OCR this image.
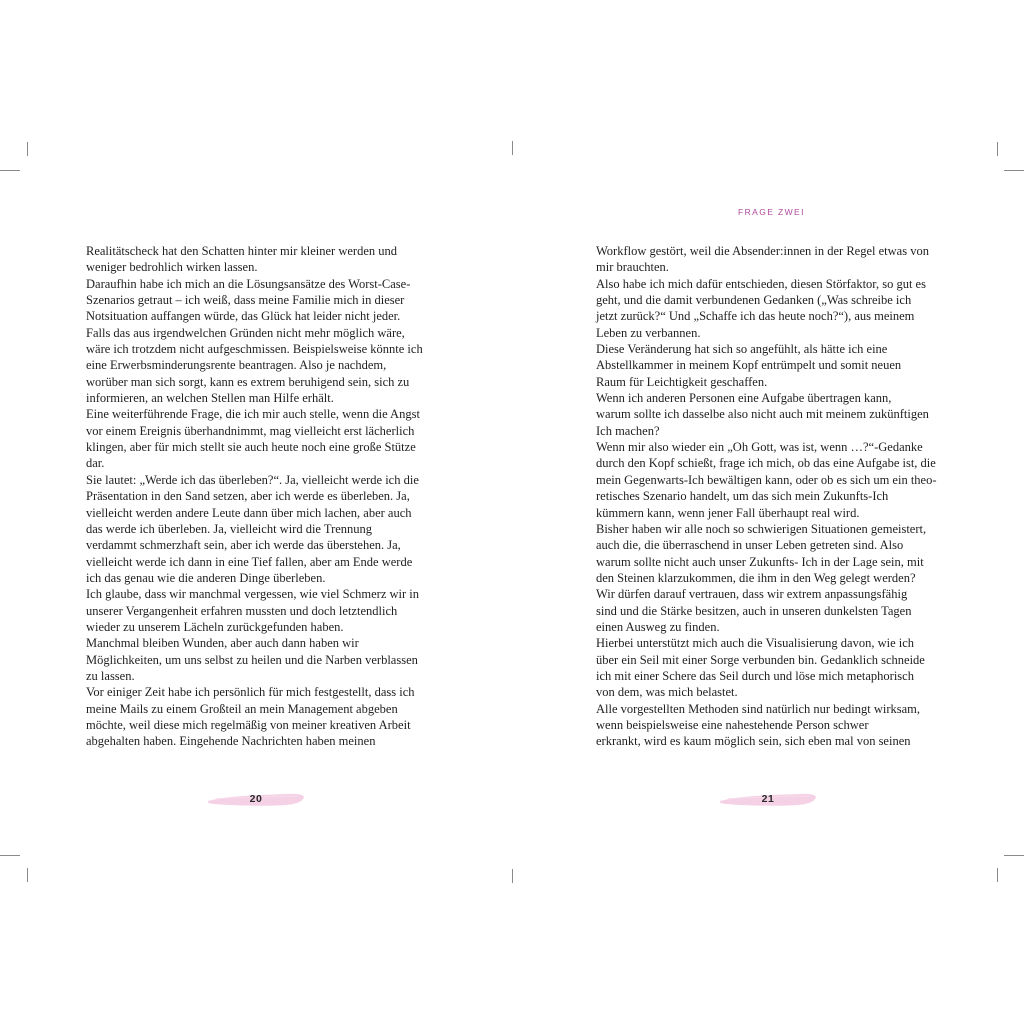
Realitätscheck hat den Schatten hinter mir kleiner werden und
weniger bedrohlich wirken lassen.
Daraufhin habe ich mich an die Lösungsansätze des Worst-Case-
Szenarios getraut – ich weiß, dass meine Familie mich in dieser
Notsituation auffangen würde, das Glück hat leider nicht jeder.
Falls das aus irgendwelchen Gründen nicht mehr möglich wäre,
wäre ich trotzdem nicht aufgeschmissen. Beispielsweise könnte ich
eine Erwerbsminderungsrente beantragen. Also je nachdem,
worüber man sich sorgt, kann es extrem beruhigend sein, sich zu
informieren, an welchen Stellen man Hilfe erhält.
Eine weiterführende Frage, die ich mir auch stelle, wenn die Angst
vor einem Ereignis überhandnimmt, mag vielleicht erst lächerlich
klingen, aber für mich stellt sie auch heute noch eine große Stütze
dar.
Sie lautet: „Werde ich das überleben?“. Ja, vielleicht werde ich die
Präsentation in den Sand setzen, aber ich werde es überleben. Ja,
vielleicht werden andere Leute dann über mich lachen, aber auch
das werde ich überleben. Ja, vielleicht wird die Trennung
verdammt schmerzhaft sein, aber ich werde das überstehen. Ja,
vielleicht werde ich dann in eine Tief fallen, aber am Ende werde
ich das genau wie die anderen Dinge überleben.
Ich glaube, dass wir manchmal vergessen, wie viel Schmerz wir in
unserer Vergangenheit erfahren mussten und doch letztendlich
wieder zu unserem Lächeln zurückgefunden haben.
Manchmal bleiben Wunden, aber auch dann haben wir
Möglichkeiten, um uns selbst zu heilen und die Narben verblassen
zu lassen.
Vor einiger Zeit habe ich persönlich für mich festgestellt, dass ich
meine Mails zu einem Großteil an mein Management abgeben
möchte, weil diese mich regelmäßig von meiner kreativen Arbeit
abgehalten haben. Eingehende Nachrichten haben meinen
20
FRAGE ZWEI
Workflow gestört, weil die Absender:innen in der Regel etwas von
mir brauchten.
Also habe ich mich dafür entschieden, diesen Störfaktor, so gut es
geht, und die damit verbundenen Gedanken („Was schreibe ich
jetzt zurück?“ Und „Schaffe ich das heute noch?“), aus meinem
Leben zu verbannen.
Diese Veränderung hat sich so angefühlt, als hätte ich eine
Abstellkammer in meinem Kopf entrümpelt und somit neuen
Raum für Leichtigkeit geschaffen.
Wenn ich anderen Personen eine Aufgabe übertragen kann,
warum sollte ich dasselbe also nicht auch mit meinem zukünftigen
Ich machen?
Wenn mir also wieder ein „Oh Gott, was ist, wenn …?“-Gedanke
durch den Kopf schießt, frage ich mich, ob das eine Aufgabe ist, die
mein Gegenwarts-Ich bewältigen kann, oder ob es sich um ein theo-
retisches Szenario handelt, um das sich mein Zukunfts-Ich
kümmern kann, wenn jener Fall überhaupt real wird.
Bisher haben wir alle noch so schwierigen Situationen gemeistert,
auch die, die überraschend in unser Leben getreten sind. Also
warum sollte nicht auch unser Zukunfts- Ich in der Lage sein, mit
den Steinen klarzukommen, die ihm in den Weg gelegt werden?
Wir dürfen darauf vertrauen, dass wir extrem anpassungsfähig
sind und die Stärke besitzen, auch in unseren dunkelsten Tagen
einen Ausweg zu finden.
Hierbei unterstützt mich auch die Visualisierung davon, wie ich
über ein Seil mit einer Sorge verbunden bin. Gedanklich schneide
ich mit einer Schere das Seil durch und löse mich metaphorisch
von dem, was mich belastet.
Alle vorgestellten Methoden sind natürlich nur bedingt wirksam,
wenn beispielsweise eine nahestehende Person schwer
erkrankt, wird es kaum möglich sein, sich eben mal von seinen
21
